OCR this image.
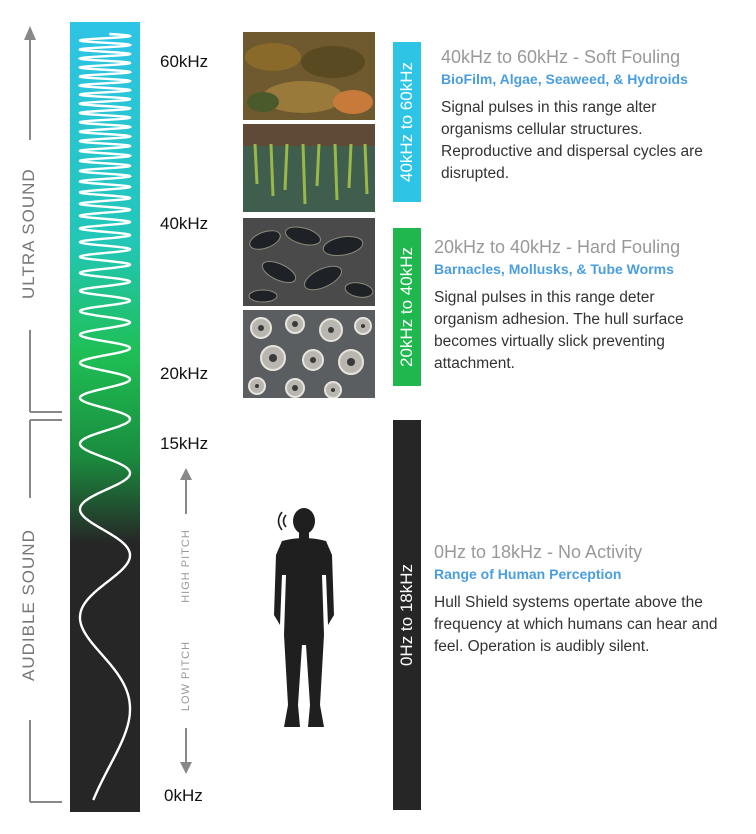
ULTRA SOUND
AUDIBLE SOUND
60kHz
40kHz
20kHz
15kHz
0kHz
HIGH PITCH
LOW PITCH
40kHz to 60kHz
20kHz to 40kHz
0Hz to 18kHz
40kHz to 60kHz - Soft Fouling
BioFilm, Algae, Seaweed, & Hydroids
Signal pulses in this range alter organisms cellular structures. Reproductive and dispersal cycles are disrupted.
20kHz to 40kHz - Hard Fouling
Barnacles, Mollusks, & Tube Worms
Signal pulses in this range deter organism adhesion. The hull surface becomes virtually slick preventing attachment.
0Hz to 18kHz - No Activity
Range of Human Perception
Hull Shield systems opertate above the frequency at which humans can hear and feel. Operation is audibly silent.
